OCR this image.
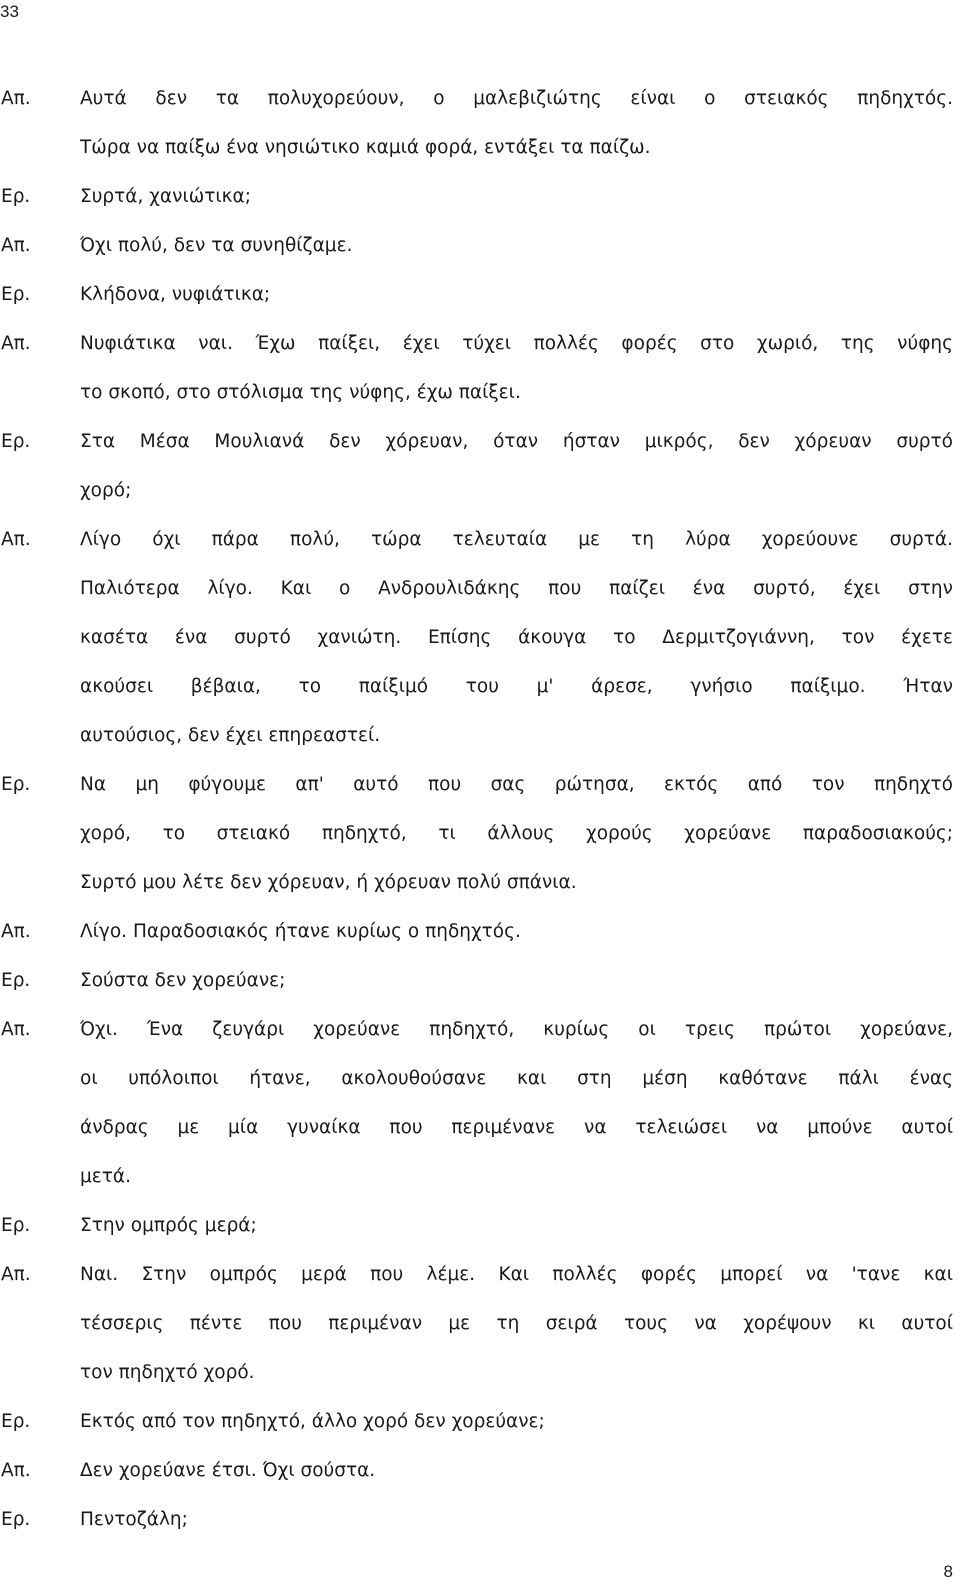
33
Απ.	Αυτά δεν τα πολυχορεύουν, ο μαλεβιζιώτης είναι ο στειακός πηδηχτός.
Τώρα να παίξω ένα νησιώτικο καμιά φορά, εντάξει τα παίζω.
Ερ.	Συρτά, χανιώτικα;
Απ.	Όχι πολύ, δεν τα συνηθίζαμε.
Ερ.	Κλήδονα, νυφιάτικα;
Απ.	Νυφιάτικα ναι. Έχω παίξει, έχει τύχει πολλές φορές στο χωριό, της νύφης
το σκοπό, στο στόλισμα της νύφης, έχω παίξει.
Ερ.	Στα Μέσα Μουλιανά δεν χόρευαν, όταν ήσταν μικρός, δεν χόρευαν συρτό
χορό;
Απ.	Λίγο όχι πάρα πολύ, τώρα τελευταία με τη λύρα χορεύουνε συρτά.
Παλιότερα λίγο. Και ο Ανδρουλιδάκης που παίζει ένα συρτό, έχει στην
κασέτα ένα συρτό χανιώτη. Επίσης άκουγα το Δερμιτζογιάννη, τον έχετε
ακούσει βέβαια, το παίξιμό του μ' άρεσε, γνήσιο παίξιμο. Ήταν
αυτούσιος, δεν έχει επηρεαστεί.
Ερ.	Να μη φύγουμε απ' αυτό που σας ρώτησα, εκτός από τον πηδηχτό
χορό, το στειακό πηδηχτό, τι άλλους χορούς χορεύανε παραδοσιακούς;
Συρτό μου λέτε δεν χόρευαν, ή χόρευαν πολύ σπάνια.
Απ.	Λίγο. Παραδοσιακός ήτανε κυρίως ο πηδηχτός.
Ερ.	Σούστα δεν χορεύανε;
Απ.	Όχι. Ένα ζευγάρι χορεύανε πηδηχτό, κυρίως οι τρεις πρώτοι χορεύανε,
οι υπόλοιποι ήτανε, ακολουθούσανε και στη μέση καθότανε πάλι ένας
άνδρας με μία γυναίκα που περιμένανε να τελειώσει να μπούνε αυτοί
μετά.
Ερ.	Στην ομπρός μερά;
Απ.	Ναι. Στην ομπρός μερά που λέμε. Και πολλές φορές μπορεί να 'τανε και
τέσσερις πέντε που περιμέναν με τη σειρά τους να χορέψουν κι αυτοί
τον πηδηχτό χορό.
Ερ.	Εκτός από τον πηδηχτό, άλλο χορό δεν χορεύανε;
Απ.	Δεν χορεύανε έτσι. Όχι σούστα.
Ερ.	Πεντοζάλη;
8
